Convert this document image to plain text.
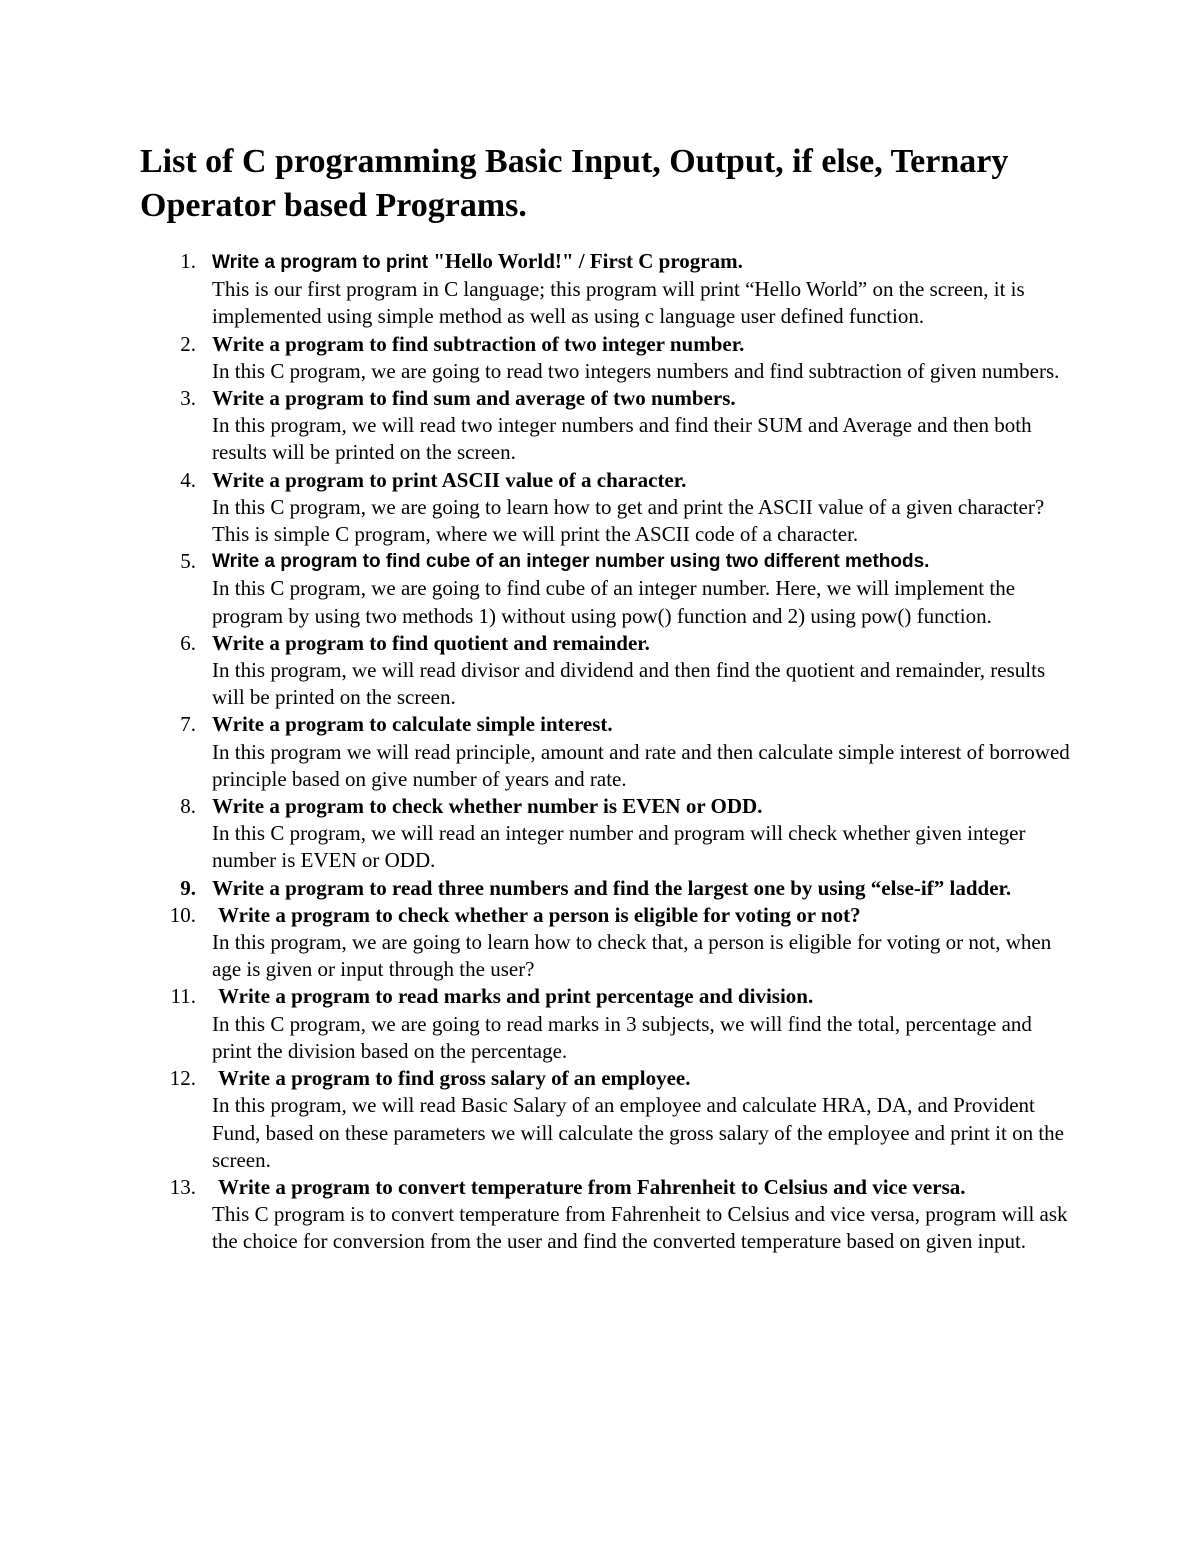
List of C programming Basic Input, Output, if else, Ternary Operator based Programs.
1. Write a program to print "Hello World!" / First C program.
This is our first program in C language; this program will print “Hello World” on the screen, it is implemented using simple method as well as using c language user defined function.
2. Write a program to find subtraction of two integer number.
In this C program, we are going to read two integers numbers and find subtraction of given numbers.
3. Write a program to find sum and average of two numbers.
In this program, we will read two integer numbers and find their SUM and Average and then both results will be printed on the screen.
4. Write a program to print ASCII value of a character.
In this C program, we are going to learn how to get and print the ASCII value of a given character? This is simple C program, where we will print the ASCII code of a character.
5. Write a program to find cube of an integer number using two different methods.
In this C program, we are going to find cube of an integer number. Here, we will implement the program by using two methods 1) without using pow() function and 2) using pow() function.
6. Write a program to find quotient and remainder.
In this program, we will read divisor and dividend and then find the quotient and remainder, results will be printed on the screen.
7. Write a program to calculate simple interest.
In this program we will read principle, amount and rate and then calculate simple interest of borrowed principle based on give number of years and rate.
8. Write a program to check whether number is EVEN or ODD.
In this C program, we will read an integer number and program will check whether given integer number is EVEN or ODD.
9. Write a program to read three numbers and find the largest one by using “else-if” ladder.
10. Write a program to check whether a person is eligible for voting or not?
In this program, we are going to learn how to check that, a person is eligible for voting or not, when age is given or input through the user?
11. Write a program to read marks and print percentage and division.
In this C program, we are going to read marks in 3 subjects, we will find the total, percentage and print the division based on the percentage.
12. Write a program to find gross salary of an employee.
In this program, we will read Basic Salary of an employee and calculate HRA, DA, and Provident Fund, based on these parameters we will calculate the gross salary of the employee and print it on the screen.
13. Write a program to convert temperature from Fahrenheit to Celsius and vice versa.
This C program is to convert temperature from Fahrenheit to Celsius and vice versa, program will ask the choice for conversion from the user and find the converted temperature based on given input.
